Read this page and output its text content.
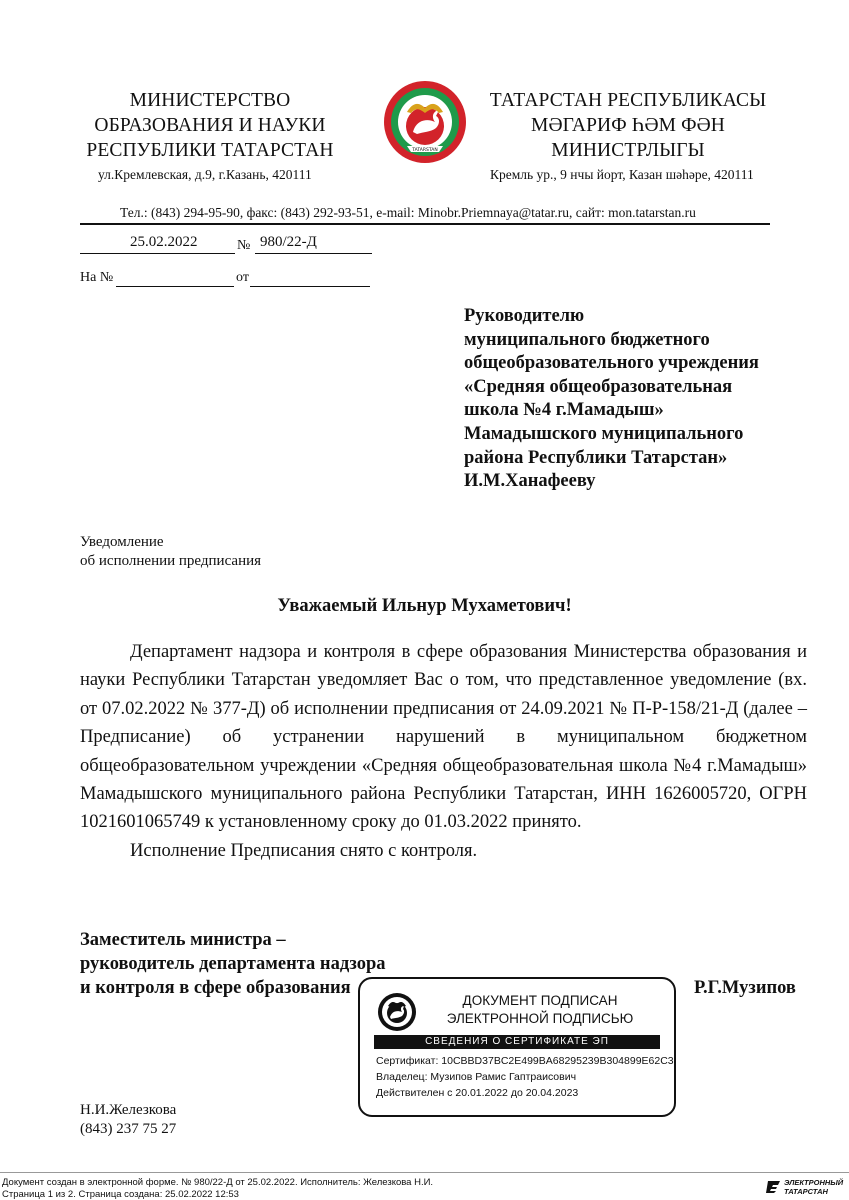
МИНИСТЕРСТВО
ОБРАЗОВАНИЯ И НАУКИ
РЕСПУБЛИКИ ТАТАРСТАН	TATARSTAN
ТАТАРСТАН РЕСПУБЛИКАСЫ
МӘГАРИФ ҺӘМ ФӘН
МИНИСТРЛЫГЫ
ул.Кремлевская, д.9, г.Казань, 420111	Кремль ур., 9 нчы йорт, Казан шәһәре, 420111
Тел.: (843) 294-95-90, факс: (843) 292-93-51, e-mail: Minobr.Priemnaya@tatar.ru, сайт: mon.tatarstan.ru
25.02.2022	№ 980/22-Д
На №	от
Руководителю
муниципального бюджетного
общеобразовательного учреждения
«Средняя общеобразовательная
школа №4 г.Мамадыш»
Мамадышского муниципального
района Республики Татарстан»
И.М.Ханафееву
Уведомление
об исполнении предписания
Уважаемый Ильнур Мухаметович!

Департамент надзора и контроля в сфере образования Министерства образования и науки Республики Татарстан уведомляет Вас о том, что представленное уведомление (вх. от 07.02.2022 № 377-Д) об исполнении предписания от 24.09.2021 № П-Р-158/21-Д (далее – Предписание) об устранении нарушений в муниципальном бюджетном общеобразовательном учреждении «Средняя общеобразовательная школа №4 г.Мамадыш» Мамадышского муниципального района Республики Татарстан, ИНН 1626005720, ОГРН 1021601065749 к установленному сроку до 01.03.2022 принято.

Исполнение Предписания снято с контроля.

Заместитель министра –
руководитель департамента надзора
и контроля в сфере образования	Р.Г.Музипов
ДОКУМЕНТ ПОДПИСАН
ЭЛЕКТРОННОЙ ПОДПИСЬЮ
СВЕДЕНИЯ О СЕРТИФИКАТЕ ЭП
Сертификат: 10CBBD37BC2E499BA68295239B304899E62C3
Владелец: Музипов Рамис Гаптраисович
Действителен с 20.01.2022 до 20.04.2023
Н.И.Железкова
(843) 237 75 27
Документ создан в электронной форме. № 980/22-Д от 25.02.2022. Исполнитель: Железкова Н.И.
Страница 1 из 2. Страница создана: 25.02.2022 12:53
ЭЛЕКТРОННЫЙ
ТАТАРСТАН
